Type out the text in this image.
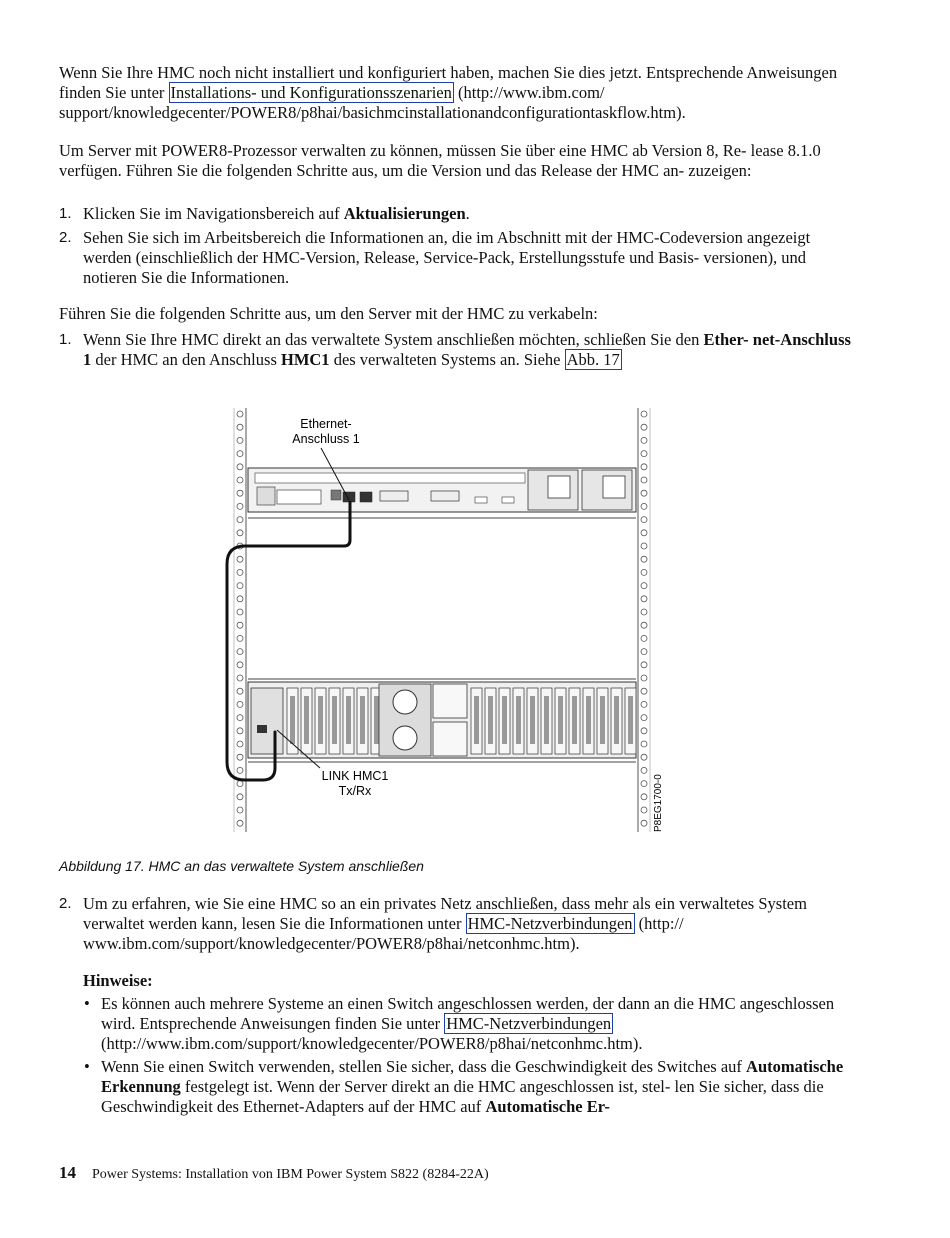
Wenn Sie Ihre HMC noch nicht installiert und konfiguriert haben, machen Sie dies jetzt. Entsprechende Anweisungen finden Sie unter Installations- und Konfigurationsszenarien (http://www.ibm.com/ support/knowledgecenter/POWER8/p8hai/basichmcinstallationandconfigurationtaskflow.htm).

Um Server mit POWER8-Prozessor verwalten zu können, müssen Sie über eine HMC ab Version 8, Re- lease 8.1.0 verfügen. Führen Sie die folgenden Schritte aus, um die Version und das Release der HMC an- zuzeigen:

1. Klicken Sie im Navigationsbereich auf Aktualisierungen.
2. Sehen Sie sich im Arbeitsbereich die Informationen an, die im Abschnitt mit der HMC-Codeversion angezeigt werden (einschließlich der HMC-Version, Release, Service-Pack, Erstellungsstufe und Basis- versionen), und notieren Sie die Informationen.

Führen Sie die folgenden Schritte aus, um den Server mit der HMC zu verkabeln:

1. Wenn Sie Ihre HMC direkt an das verwaltete System anschließen möchten, schließen Sie den Ether- net-Anschluss 1 der HMC an den Anschluss HMC1 des verwalteten Systems an. Siehe Abb. 17
Ethernet-
Anschluss 1
LINK HMC1
Tx/Rx	P8EG1700-0
Abbildung 17. HMC an das verwaltete System anschließen
2. Um zu erfahren, wie Sie eine HMC so an ein privates Netz anschließen, dass mehr als ein verwaltetes System verwaltet werden kann, lesen Sie die Informationen unter HMC-Netzverbindungen (http:// www.ibm.com/support/knowledgecenter/POWER8/p8hai/netconhmc.htm).
Hinweise:
• Es können auch mehrere Systeme an einen Switch angeschlossen werden, der dann an die HMC angeschlossen wird. Entsprechende Anweisungen finden Sie unter HMC-Netzverbindungen (http://www.ibm.com/support/knowledgecenter/POWER8/p8hai/netconhmc.htm).
• Wenn Sie einen Switch verwenden, stellen Sie sicher, dass die Geschwindigkeit des Switches auf Automatische Erkennung festgelegt ist. Wenn der Server direkt an die HMC angeschlossen ist, stel- len Sie sicher, dass die Geschwindigkeit des Ethernet-Adapters auf der HMC auf Automatische Er-
14 Power Systems: Installation von IBM Power System S822 (8284-22A)
